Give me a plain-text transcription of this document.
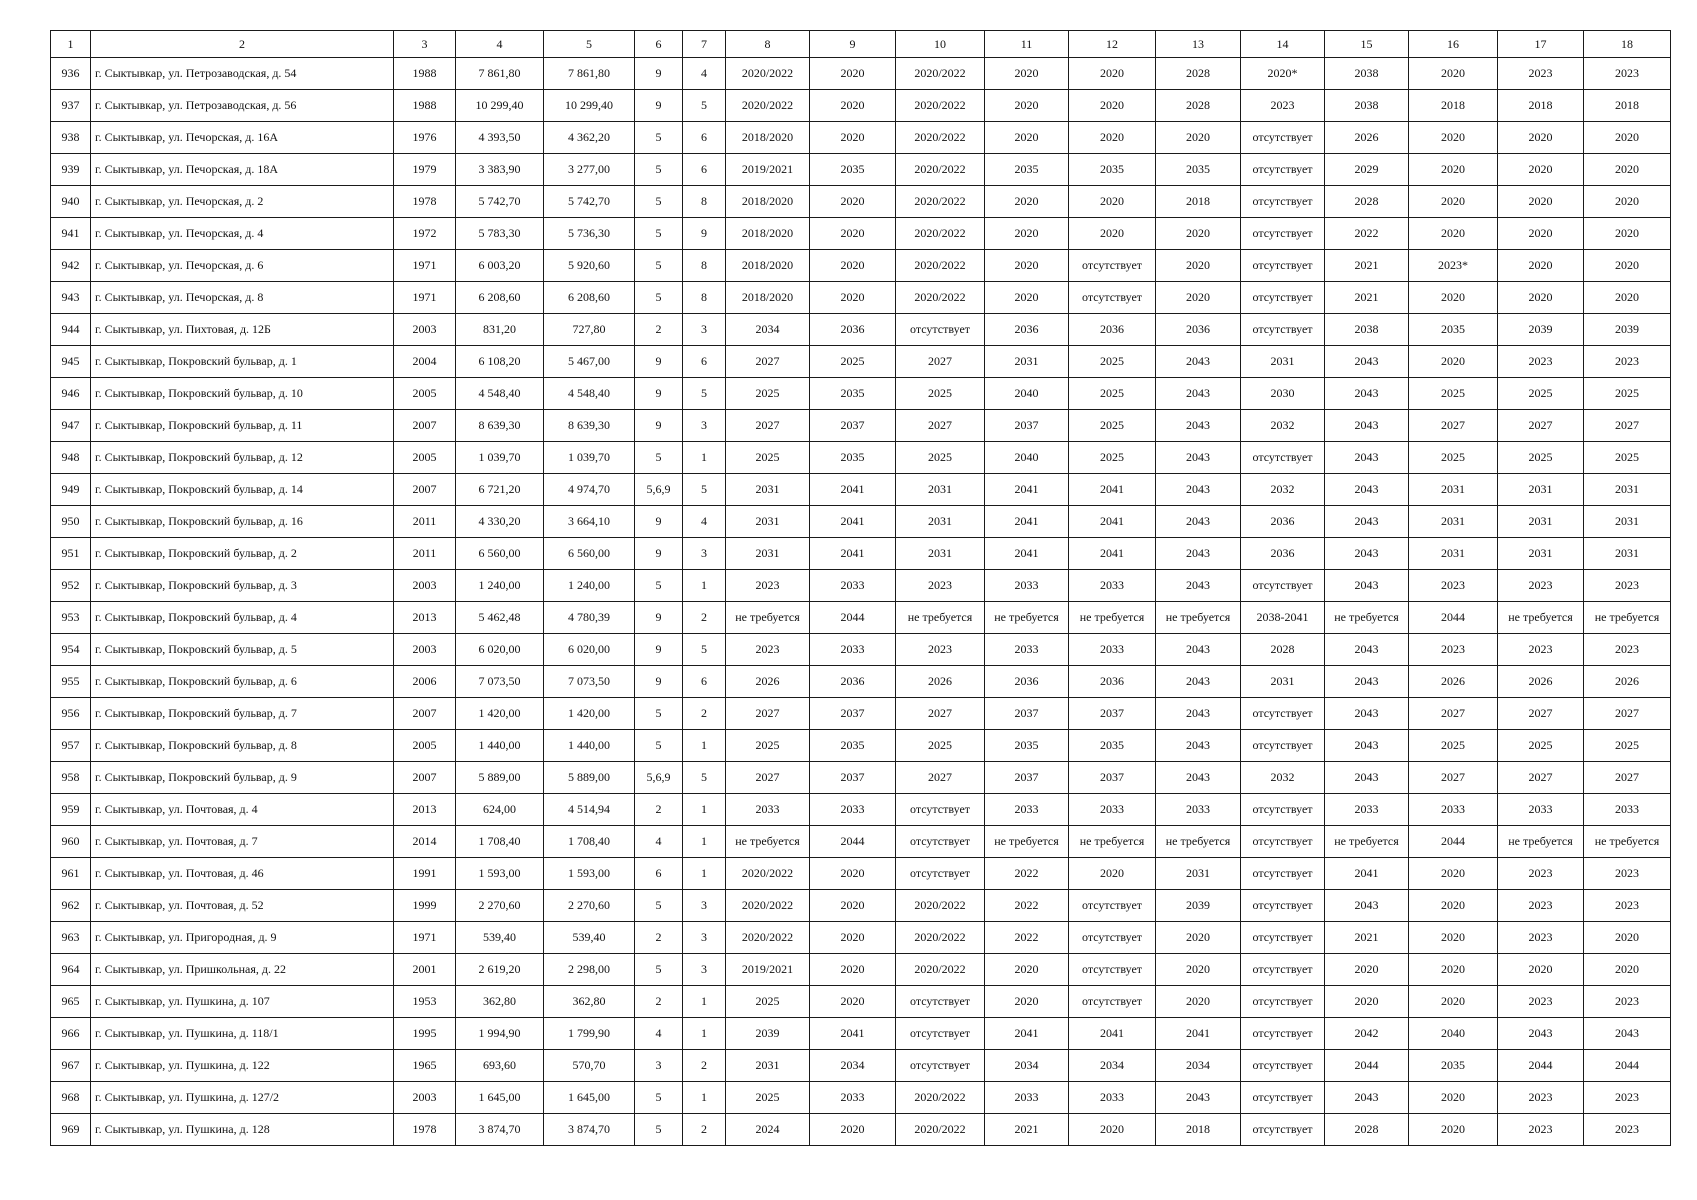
1	2	3	4	5	6	7	8	9	10	11	12	13	14	15	16	17	18
936	г. Сыктывкар, ул. Петрозаводская, д. 54	1988	7 861,80	7 861,80	9	4	2020/2022	2020	2020/2022	2020	2020	2028	2020*	2038	2020	2023	2023
937	г. Сыктывкар, ул. Петрозаводская, д. 56	1988	10 299,40	10 299,40	9	5	2020/2022	2020	2020/2022	2020	2020	2028	2023	2038	2018	2018	2018
938	г. Сыктывкар, ул. Печорская, д. 16А	1976	4 393,50	4 362,20	5	6	2018/2020	2020	2020/2022	2020	2020	2020	отсутствует	2026	2020	2020	2020
939	г. Сыктывкар, ул. Печорская, д. 18А	1979	3 383,90	3 277,00	5	6	2019/2021	2035	2020/2022	2035	2035	2035	отсутствует	2029	2020	2020	2020
940	г. Сыктывкар, ул. Печорская, д. 2	1978	5 742,70	5 742,70	5	8	2018/2020	2020	2020/2022	2020	2020	2018	отсутствует	2028	2020	2020	2020
941	г. Сыктывкар, ул. Печорская, д. 4	1972	5 783,30	5 736,30	5	9	2018/2020	2020	2020/2022	2020	2020	2020	отсутствует	2022	2020	2020	2020
942	г. Сыктывкар, ул. Печорская, д. 6	1971	6 003,20	5 920,60	5	8	2018/2020	2020	2020/2022	2020	отсутствует	2020	отсутствует	2021	2023*	2020	2020
943	г. Сыктывкар, ул. Печорская, д. 8	1971	6 208,60	6 208,60	5	8	2018/2020	2020	2020/2022	2020	отсутствует	2020	отсутствует	2021	2020	2020	2020
944	г. Сыктывкар, ул. Пихтовая, д. 12Б	2003	831,20	727,80	2	3	2034	2036	отсутствует	2036	2036	2036	отсутствует	2038	2035	2039	2039
945	г. Сыктывкар, Покровский бульвар, д. 1	2004	6 108,20	5 467,00	9	6	2027	2025	2027	2031	2025	2043	2031	2043	2020	2023	2023
946	г. Сыктывкар, Покровский бульвар, д. 10	2005	4 548,40	4 548,40	9	5	2025	2035	2025	2040	2025	2043	2030	2043	2025	2025	2025
947	г. Сыктывкар, Покровский бульвар, д. 11	2007	8 639,30	8 639,30	9	3	2027	2037	2027	2037	2025	2043	2032	2043	2027	2027	2027
948	г. Сыктывкар, Покровский бульвар, д. 12	2005	1 039,70	1 039,70	5	1	2025	2035	2025	2040	2025	2043	отсутствует	2043	2025	2025	2025
949	г. Сыктывкар, Покровский бульвар, д. 14	2007	6 721,20	4 974,70	5,6,9	5	2031	2041	2031	2041	2041	2043	2032	2043	2031	2031	2031
950	г. Сыктывкар, Покровский бульвар, д. 16	2011	4 330,20	3 664,10	9	4	2031	2041	2031	2041	2041	2043	2036	2043	2031	2031	2031
951	г. Сыктывкар, Покровский бульвар, д. 2	2011	6 560,00	6 560,00	9	3	2031	2041	2031	2041	2041	2043	2036	2043	2031	2031	2031
952	г. Сыктывкар, Покровский бульвар, д. 3	2003	1 240,00	1 240,00	5	1	2023	2033	2023	2033	2033	2043	отсутствует	2043	2023	2023	2023
953	г. Сыктывкар, Покровский бульвар, д. 4	2013	5 462,48	4 780,39	9	2	не требуется	2044	не требуется	не требуется	не требуется	не требуется	2038-2041	не требуется	2044	не требуется	не требуется
954	г. Сыктывкар, Покровский бульвар, д. 5	2003	6 020,00	6 020,00	9	5	2023	2033	2023	2033	2033	2043	2028	2043	2023	2023	2023
955	г. Сыктывкар, Покровский бульвар, д. 6	2006	7 073,50	7 073,50	9	6	2026	2036	2026	2036	2036	2043	2031	2043	2026	2026	2026
956	г. Сыктывкар, Покровский бульвар, д. 7	2007	1 420,00	1 420,00	5	2	2027	2037	2027	2037	2037	2043	отсутствует	2043	2027	2027	2027
957	г. Сыктывкар, Покровский бульвар, д. 8	2005	1 440,00	1 440,00	5	1	2025	2035	2025	2035	2035	2043	отсутствует	2043	2025	2025	2025
958	г. Сыктывкар, Покровский бульвар, д. 9	2007	5 889,00	5 889,00	5,6,9	5	2027	2037	2027	2037	2037	2043	2032	2043	2027	2027	2027
959	г. Сыктывкар, ул. Почтовая, д. 4	2013	624,00	4 514,94	2	1	2033	2033	отсутствует	2033	2033	2033	отсутствует	2033	2033	2033	2033
960	г. Сыктывкар, ул. Почтовая, д. 7	2014	1 708,40	1 708,40	4	1	не требуется	2044	отсутствует	не требуется	не требуется	не требуется	отсутствует	не требуется	2044	не требуется	не требуется
961	г. Сыктывкар, ул. Почтовая, д. 46	1991	1 593,00	1 593,00	6	1	2020/2022	2020	отсутствует	2022	2020	2031	отсутствует	2041	2020	2023	2023
962	г. Сыктывкар, ул. Почтовая, д. 52	1999	2 270,60	2 270,60	5	3	2020/2022	2020	2020/2022	2022	отсутствует	2039	отсутствует	2043	2020	2023	2023
963	г. Сыктывкар, ул. Пригородная, д. 9	1971	539,40	539,40	2	3	2020/2022	2020	2020/2022	2022	отсутствует	2020	отсутствует	2021	2020	2023	2020
964	г. Сыктывкар, ул. Пришкольная, д. 22	2001	2 619,20	2 298,00	5	3	2019/2021	2020	2020/2022	2020	отсутствует	2020	отсутствует	2020	2020	2020	2020
965	г. Сыктывкар, ул. Пушкина, д. 107	1953	362,80	362,80	2	1	2025	2020	отсутствует	2020	отсутствует	2020	отсутствует	2020	2020	2023	2023
966	г. Сыктывкар, ул. Пушкина, д. 118/1	1995	1 994,90	1 799,90	4	1	2039	2041	отсутствует	2041	2041	2041	отсутствует	2042	2040	2043	2043
967	г. Сыктывкар, ул. Пушкина, д. 122	1965	693,60	570,70	3	2	2031	2034	отсутствует	2034	2034	2034	отсутствует	2044	2035	2044	2044
968	г. Сыктывкар, ул. Пушкина, д. 127/2	2003	1 645,00	1 645,00	5	1	2025	2033	2020/2022	2033	2033	2043	отсутствует	2043	2020	2023	2023
969	г. Сыктывкар, ул. Пушкина, д. 128	1978	3 874,70	3 874,70	5	2	2024	2020	2020/2022	2021	2020	2018	отсутствует	2028	2020	2023	2023
